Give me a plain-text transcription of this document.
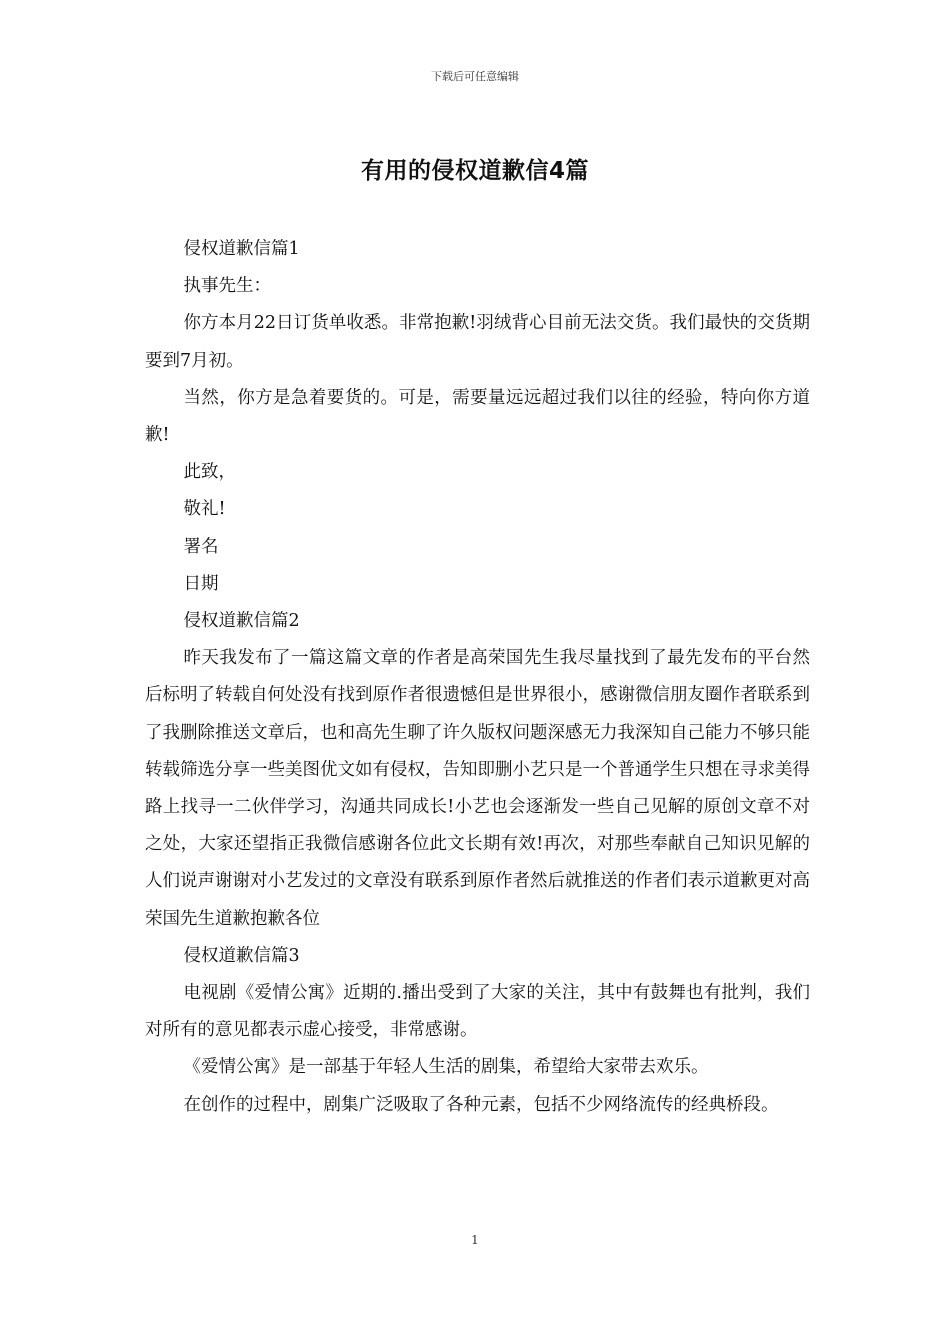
下载后可任意编辑
有用的侵权道歉信4篇

侵权道歉信篇1

执事先生：

你方本月22日订货单收悉。非常抱歉!羽绒背心目前无法交货。我们最快的交货期要到7月初。

当然，你方是急着要货的。可是，需要量远远超过我们以往的经验，特向你方道歉!

此致，

敬礼!

署名

日期

侵权道歉信篇2

昨天我发布了一篇这篇文章的作者是高荣国先生我尽量找到了最先发布的平台然后标明了转载自何处没有找到原作者很遗憾但是世界很小，感谢微信朋友圈作者联系到了我删除推送文章后，也和高先生聊了许久版权问题深感无力我深知自己能力不够只能转载筛选分享一些美图优文如有侵权，告知即删小艺只是一个普通学生只想在寻求美得路上找寻一二伙伴学习，沟通共同成长!小艺也会逐渐发一些自己见解的原创文章不对之处，大家还望指正我微信感谢各位此文长期有效!再次，对那些奉献自己知识见解的人们说声谢谢对小艺发过的文章没有联系到原作者然后就推送的作者们表示道歉更对高荣国先生道歉抱歉各位

侵权道歉信篇3

电视剧《爱情公寓》近期的.播出受到了大家的关注，其中有鼓舞也有批判，我们对所有的意见都表示虚心接受，非常感谢。

《爱情公寓》是一部基于年轻人生活的剧集，希望给大家带去欢乐。

在创作的过程中，剧集广泛吸取了各种元素，包括不少网络流传的经典桥段。

1
